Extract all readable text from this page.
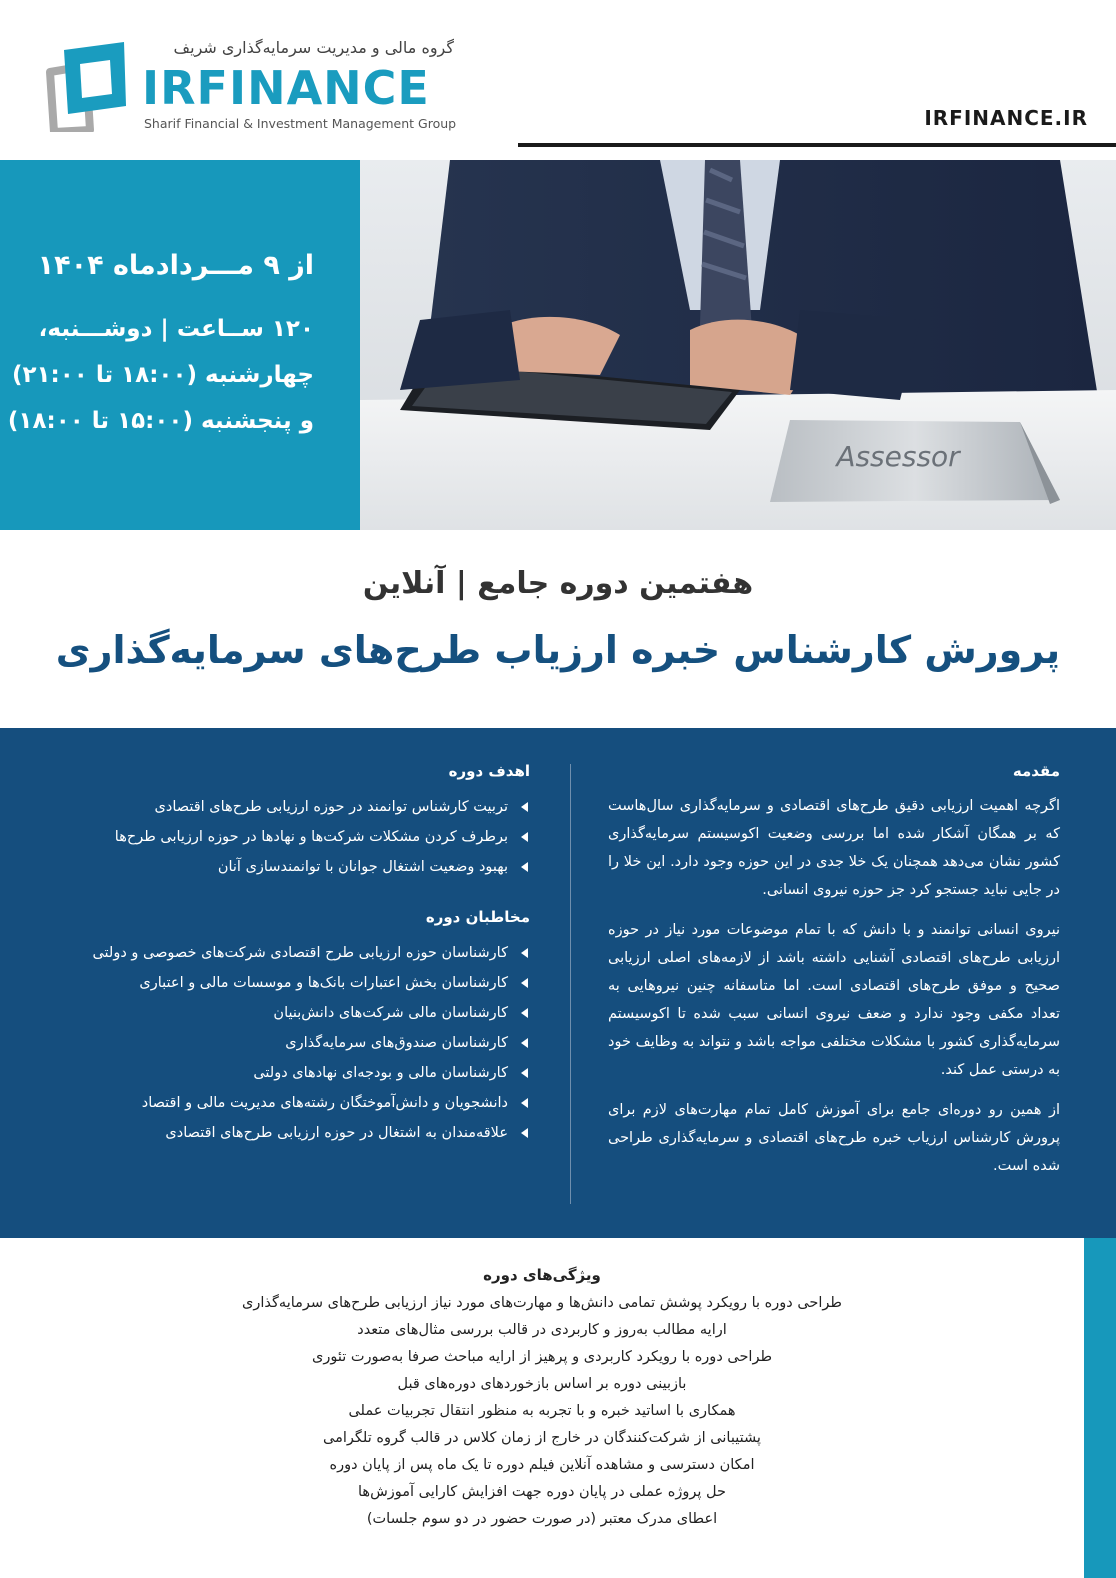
گروه مالی و مدیریت سرمایه‌گذاری شریف
IRFINANCE
Sharif Financial & Investment Management Group	IRFINANCE.IR
از ۹ مـــردادماه ۱۴۰۴
۱۲۰ ســاعت | دوشـــنبه،
چهارشنبه (۱۸:۰۰ تا ۲۱:۰۰)
و پنجشنبه (۱۵:۰۰ تا ۱۸:۰۰)
Assessor
هفتمین دوره جامع | آنلاین
پرورش کارشناس خبره ارزیاب طرح‌های سرمایه‌گذاری
مقدمه

اگرچه اهمیت ارزیابی دقیق طرح‌های اقتصادی و سرمایه‌گذاری سال‌هاست که بر همگان آشکار شده اما بررسی وضعیت اکوسیستم سرمایه‌گذاری کشور نشان می‌دهد همچنان یک خلا جدی در این حوزه وجود دارد. این خلا را در جایی نباید جستجو کرد جز حوزه نیروی انسانی.

نیروی انسانی توانمند و با دانش که با تمام موضوعات مورد نیاز در حوزه ارزیابی طرح‌های اقتصادی آشنایی داشته باشد از لازمه‌های اصلی ارزیابی صحیح و موفق طرح‌های اقتصادی است. اما متاسفانه چنین نیروهایی به تعداد مکفی وجود ندارد و ضعف نیروی انسانی سبب شده تا اکوسیستم سرمایه‌گذاری کشور با مشکلات مختلفی مواجه باشد و نتواند به وظایف خود به درستی عمل کند.

از همین رو دوره‌ای جامع برای آموزش کامل تمام مهارت‌های لازم برای پرورش کارشناس ارزیاب خبره طرح‌های اقتصادی و سرمایه‌گذاری طراحی شده است.

اهدف دوره
تربیت کارشناس توانمند در حوزه ارزیابی طرح‌های اقتصادی
برطرف کردن مشکلات شرکت‌ها و نهادها در حوزه ارزیابی طرح‌ها
بهبود وضعیت اشتغال جوانان با توانمندسازی آنان
مخاطبان دوره
کارشناسان حوزه ارزیابی طرح اقتصادی شرکت‌های خصوصی و دولتی
کارشناسان بخش اعتبارات بانک‌ها و موسسات مالی و اعتباری
کارشناسان مالی شرکت‌های دانش‌بنیان
کارشناسان صندوق‌های سرمایه‌گذاری
کارشناسان مالی و بودجه‌ای نهادهای دولتی
دانشجویان و دانش‌آموختگان رشته‌های مدیریت مالی و اقتصاد
علاقه‌مندان به اشتغال در حوزه ارزیابی طرح‌های اقتصادی
ویژگی‌های دوره
طراحی دوره با رویکرد پوشش تمامی دانش‌ها و مهارت‌های مورد نیاز ارزیابی طرح‌های سرمایه‌گذاری
ارایه مطالب به‌روز و کاربردی در قالب بررسی مثال‌های متعدد
طراحی دوره با رویکرد کاربردی و پرهیز از ارایه مباحث صرفا به‌صورت تئوری
بازبینی دوره بر اساس بازخوردهای دوره‌های قبل
همکاری با اساتید خبره و با تجربه به منظور انتقال تجربیات عملی
پشتیبانی از شرکت‌کنندگان در خارج از زمان کلاس در قالب گروه تلگرامی
امکان دسترسی و مشاهده آنلاین فیلم دوره تا یک ماه پس از پایان دوره
حل پروژه عملی در پایان دوره جهت افزایش کارایی آموزش‌ها
اعطای مدرک معتبر (در صورت حضور در دو سوم جلسات)
